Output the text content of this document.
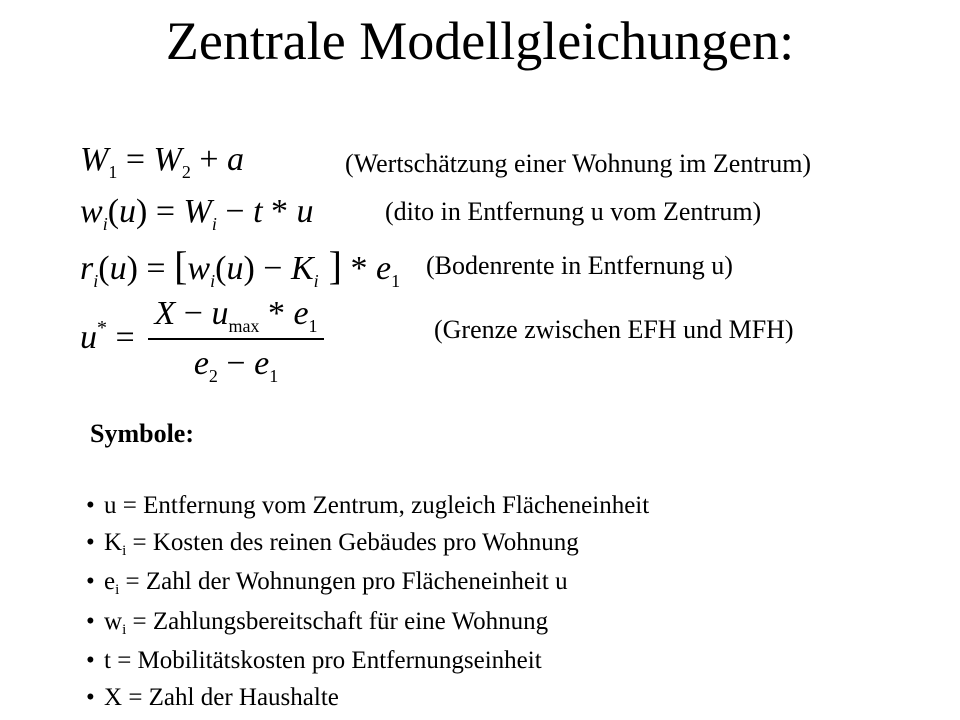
Zentrale Modellgleichungen:
$W_1 = W_2 + a$	(Wertschätzung einer Wohnung im Zentrum)
$w_i(u) = W_i - t * u$	(dito in Entfernung u vom Zentrum)
$r_i(u) = [w_i(u) - K_i$ ] * $e_1$
(Bodenrente in Entfernung u)
u* =
$X - u_{max} * e_1$
$e_2 - e_1$
(Grenze zwischen EFH und MFH)
Symbole:
• u = Entfernung vom Zentrum, zugleich Flächeneinheit
• $K_i$ = Kosten des reinen Gebäudes pro Wohnung
• $e_i$ = Zahl der Wohnungen pro Flächeneinheit u
• $w_i$ = Zahlungsbereitschaft für eine Wohnung
• t = Mobilitätskosten pro Entfernungseinheit
• X = Zahl der Haushalte
